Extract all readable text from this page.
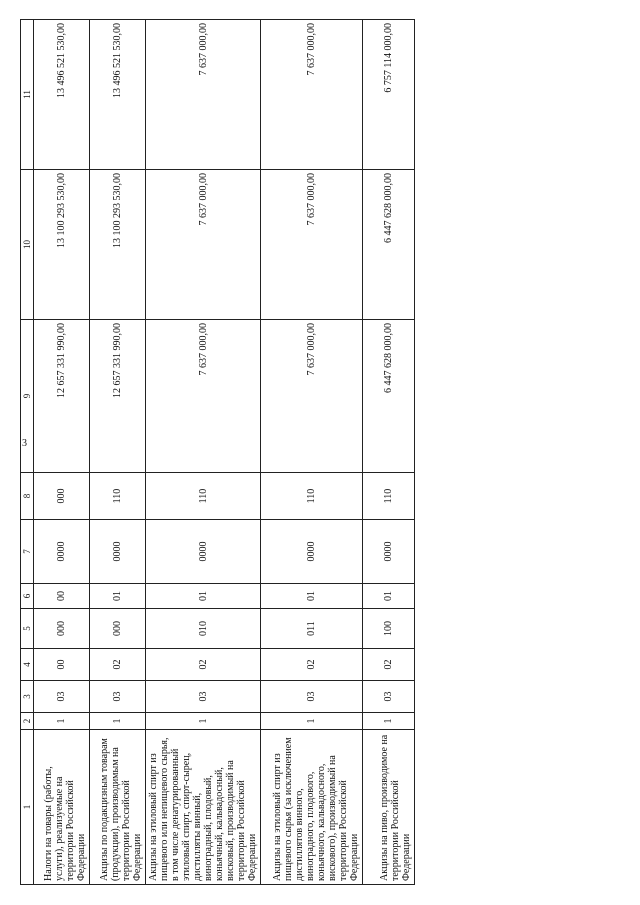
3
1	2	3	4	5	6	7	8	9	10	11
Налоги на товары (работы, услуги), реализуемые на территории Российской Федерации	1	03	00	000	00	0000	000	12 657 331 990,00	13 100 293 530,00	13 496 521 530,00
Акцизы по подакцизным товарам (продукции), производимым на территории Российской Федерации	1	03	02	000	01	0000	110	12 657 331 990,00	13 100 293 530,00	13 496 521 530,00
Акцизы на этиловый спирт из пищевого или непищевого сырья, в том числе денатурированный этиловый спирт, спирт-сырец, дистилляты винный, виноградный, плодовый, коньячный, кальвадосный, висковый, производимый на территории Российской Федерации	1	03	02	010	01	0000	110	7 637 000,00	7 637 000,00	7 637 000,00
Акцизы на этиловый спирт из пищевого сырья (за исключением дистиллятов винного, виноградного, плодового, коньячного, кальвадосного, вискового), производимый на территории Российской Федерации	1	03	02	011	01	0000	110	7 637 000,00	7 637 000,00	7 637 000,00
Акцизы на пиво, производимое на территории Российской Федерации	1	03	02	100	01	0000	110	6 447 628 000,00	6 447 628 000,00	6 757 114 000,00
